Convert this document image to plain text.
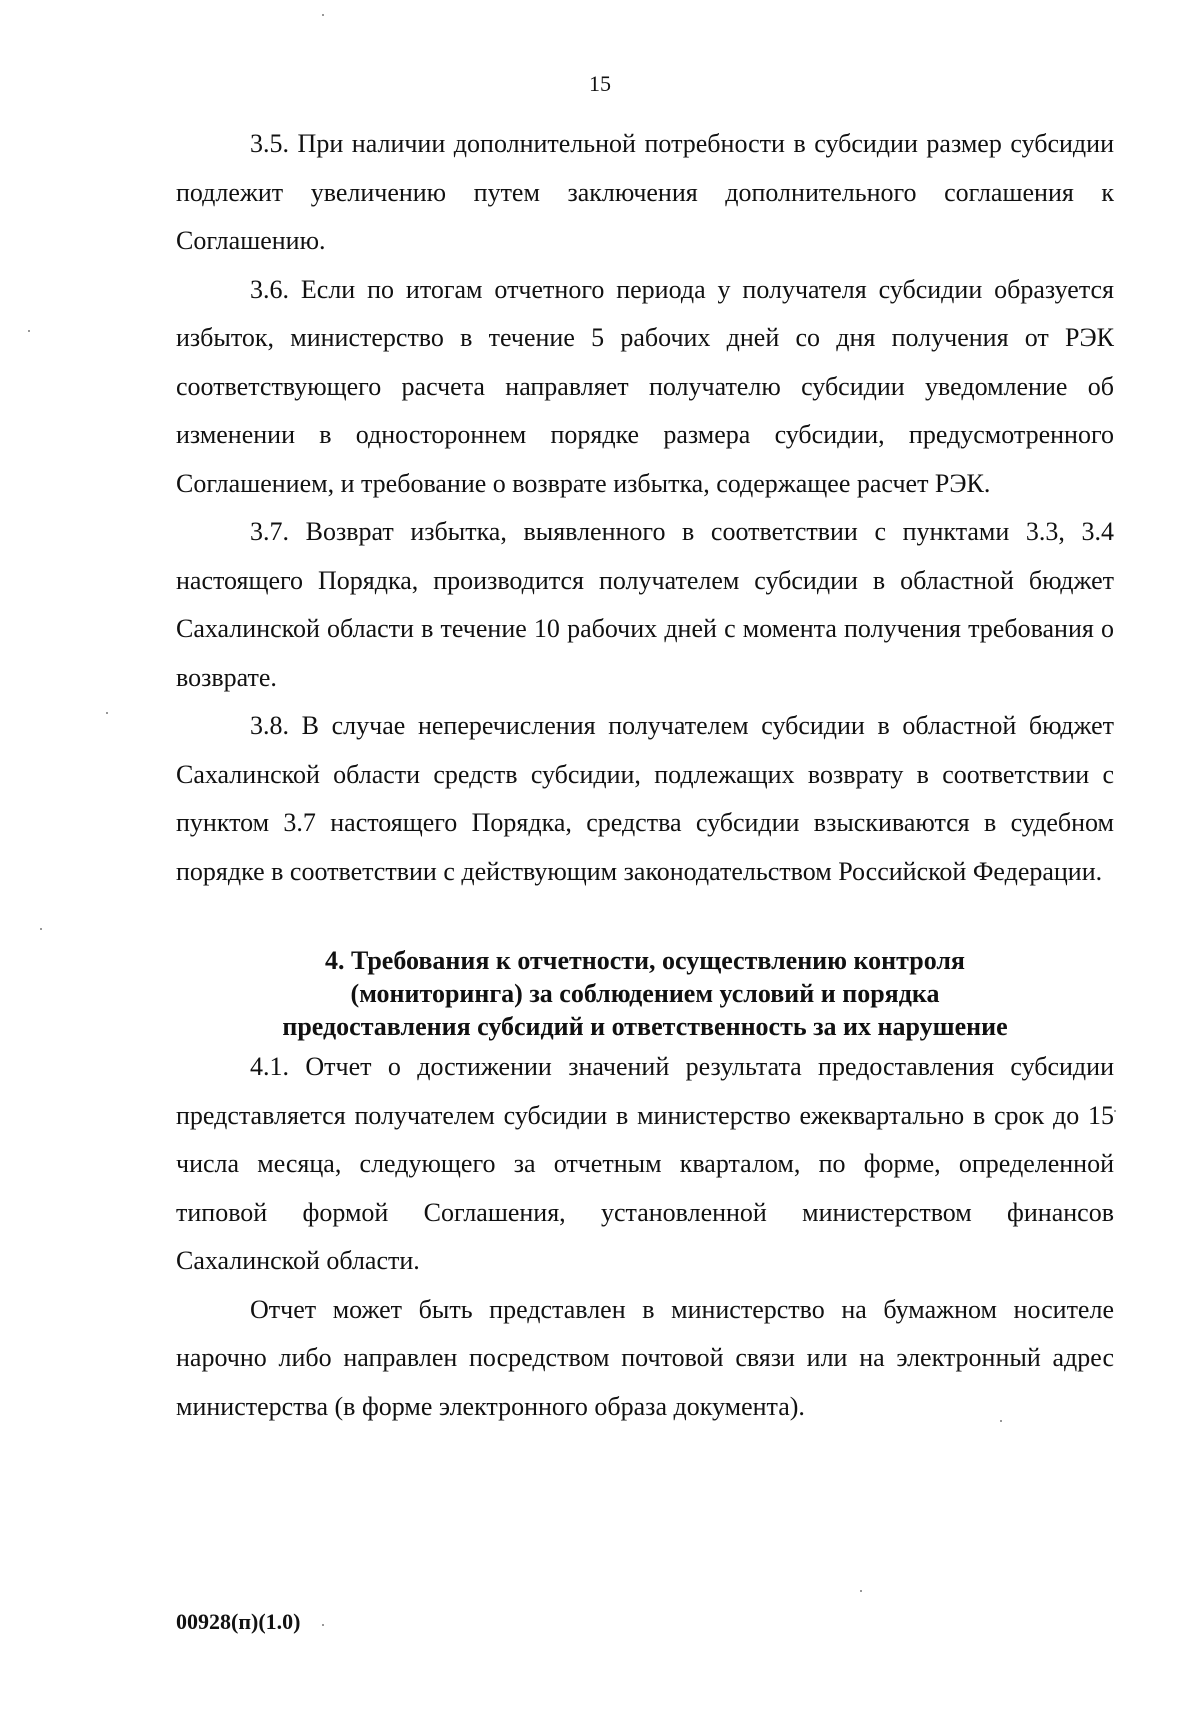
15

3.5. При наличии дополнительной потребности в субсидии размер субсидии подлежит увеличению путем заключения дополнительного соглашения к Соглашению.

3.6. Если по итогам отчетного периода у получателя субсидии образуется избыток, министерство в течение 5 рабочих дней со дня получения от РЭК соответствующего расчета направляет получателю субсидии уведомление об изменении в одностороннем порядке размера субсидии, предусмотренного Соглашением, и требование о возврате избытка, содержащее расчет РЭК.

3.7. Возврат избытка, выявленного в соответствии с пунктами 3.3, 3.4 настоящего Порядка, производится получателем субсидии в областной бюджет Сахалинской области в течение 10 рабочих дней с момента получения требования о возврате.

3.8. В случае неперечисления получателем субсидии в областной бюджет Сахалинской области средств субсидии, подлежащих возврату в соответствии с пунктом 3.7 настоящего Порядка, средства субсидии взыскиваются в судебном порядке в соответствии с действующим законодательством Российской Федерации.

4. Требования к отчетности, осуществлению контроля
(мониторинга) за соблюдением условий и порядка
предоставления субсидий и ответственность за их нарушение

4.1. Отчет о достижении значений результата предоставления субсидии представляется получателем субсидии в министерство ежеквартально в срок до 15 числа месяца, следующего за отчетным кварталом, по форме, определенной типовой формой Соглашения, установленной министерством финансов Сахалинской области.

Отчет может быть представлен в министерство на бумажном носителе нарочно либо направлен посредством почтовой связи или на электронный адрес министерства (в форме электронного образа документа).

00928(п)(1.0)
